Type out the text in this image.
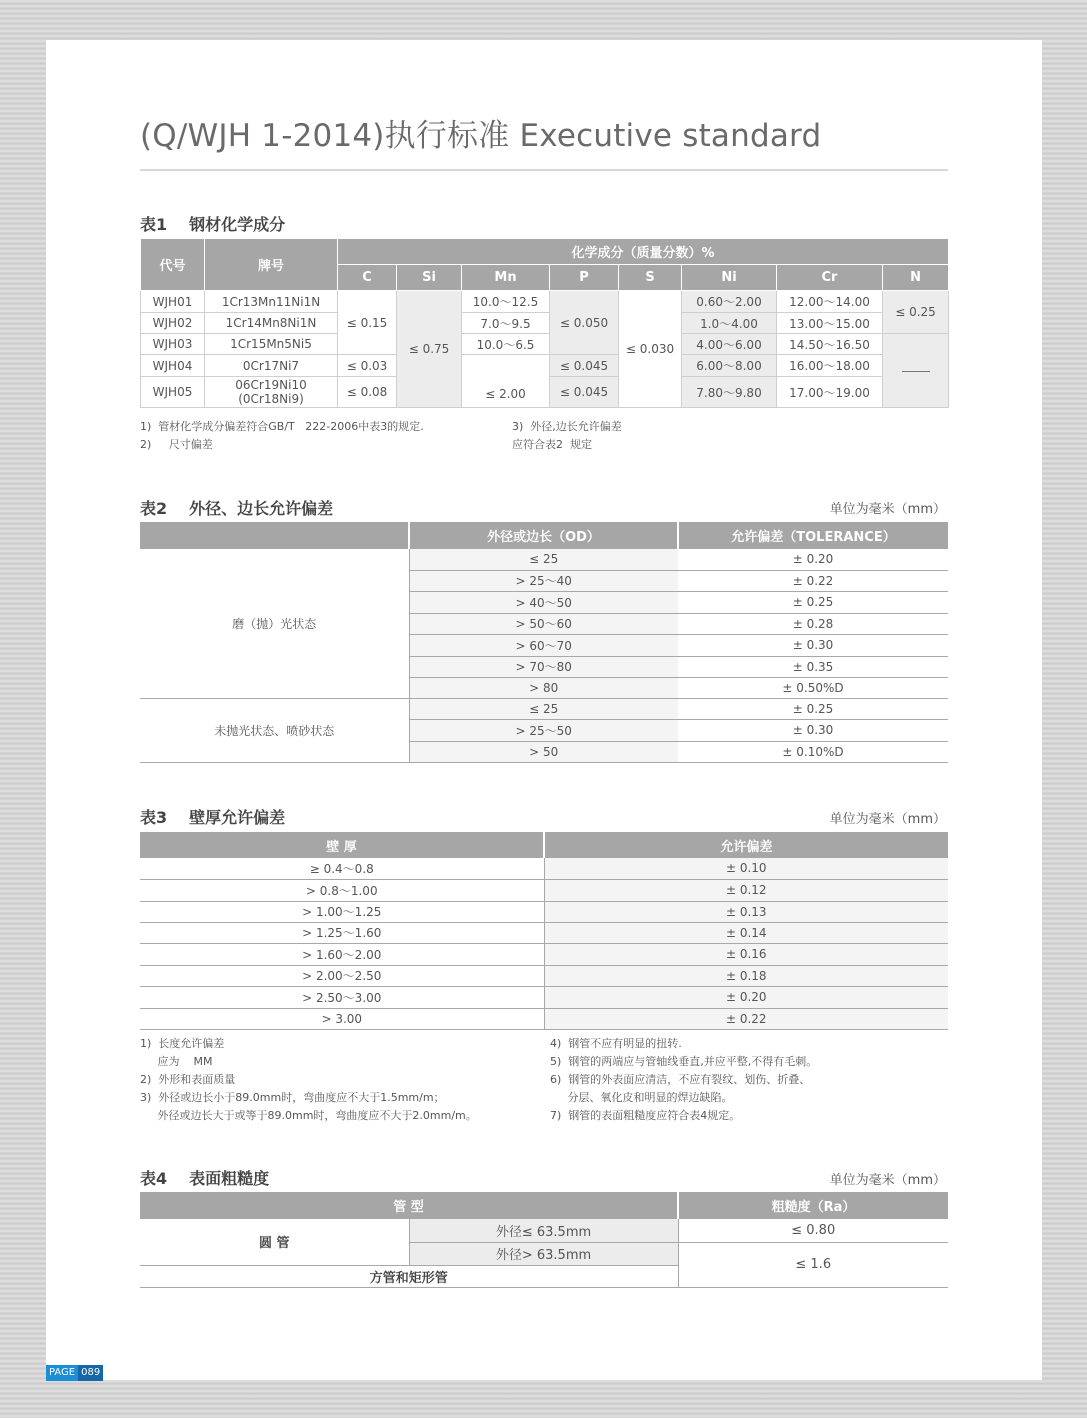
(Q/WJH 1-2014)执行标准 Executive standard
表1 钢材化学成分
代号	牌号	化学成分（质量分数）%							
		C	Si	Mn	P	S	Ni	Cr	N
WJH01	1Cr13Mn11Ni1N	≤ 0.15	≤ 0.75	10.0～12.5	≤ 0.050	≤ 0.030	0.60～2.00	12.00～14.00	≤ 0.25
WJH02	1Cr14Mn8Ni1N			7.0～9.5			1.0～4.00	13.00～15.00	
WJH03	1Cr15Mn5Ni5			10.0～6.5			4.00～6.00	14.50～16.50	
WJH04	0Cr17Ni7	≤ 0.03		≤ 2.00	≤ 0.045		6.00～8.00	16.00～18.00	
WJH05	06Cr19Ni10
(0Cr18Ni9)	≤ 0.08			≤ 0.045		7.80～9.80	17.00～19.00	
1)  管材化学成分偏差符合GB/T   222-2006中表3的规定.
2)     尺寸偏差
3)  外径,边长允许偏差
应符合表2  规定
表2 外径、边长允许偏差	单位为毫米（mm）
	外径或边长（OD）	允许偏差（TOLERANCE）
磨（抛）光状态	≤ 25	± 0.20
	> 25～40	± 0.22
	> 40～50	± 0.25
	> 50～60	± 0.28
	> 60～70	± 0.30
	> 70～80	± 0.35
	> 80	± 0.50%D
未抛光状态、喷砂状态	≤ 25	± 0.25
	> 25～50	± 0.30
	> 50	± 0.10%D
表3 壁厚允许偏差	单位为毫米（mm）
壁 厚	允许偏差
≥ 0.4～0.8	± 0.10
> 0.8～1.00	± 0.12
> 1.00～1.25	± 0.13
> 1.25～1.60	± 0.14
> 1.60～2.00	± 0.16
> 2.00～2.50	± 0.18
> 2.50～3.00	± 0.20
> 3.00	± 0.22
1)  长度允许偏差
应为    MM
2)  外形和表面质量
3)  外径或边长小于89.0mm时，弯曲度应不大于1.5mm/m；
外径或边长大于或等于89.0mm时，弯曲度应不大于2.0mm/m。
4)  钢管不应有明显的扭转.
5)  钢管的两端应与管轴线垂直,并应平整,不得有毛刺。
6)  钢管的外表面应清洁，不应有裂纹、划伤、折叠、
分层、氧化皮和明显的焊边缺陷。
7)  钢管的表面粗糙度应符合表4规定。
表4 表面粗糙度	单位为毫米（mm）
管 型		粗糙度（Ra）
圆 管	外径≤ 63.5mm	≤ 0.80
	外径> 63.5mm	≤ 1.6
方管和矩形管		
PAGE 089
